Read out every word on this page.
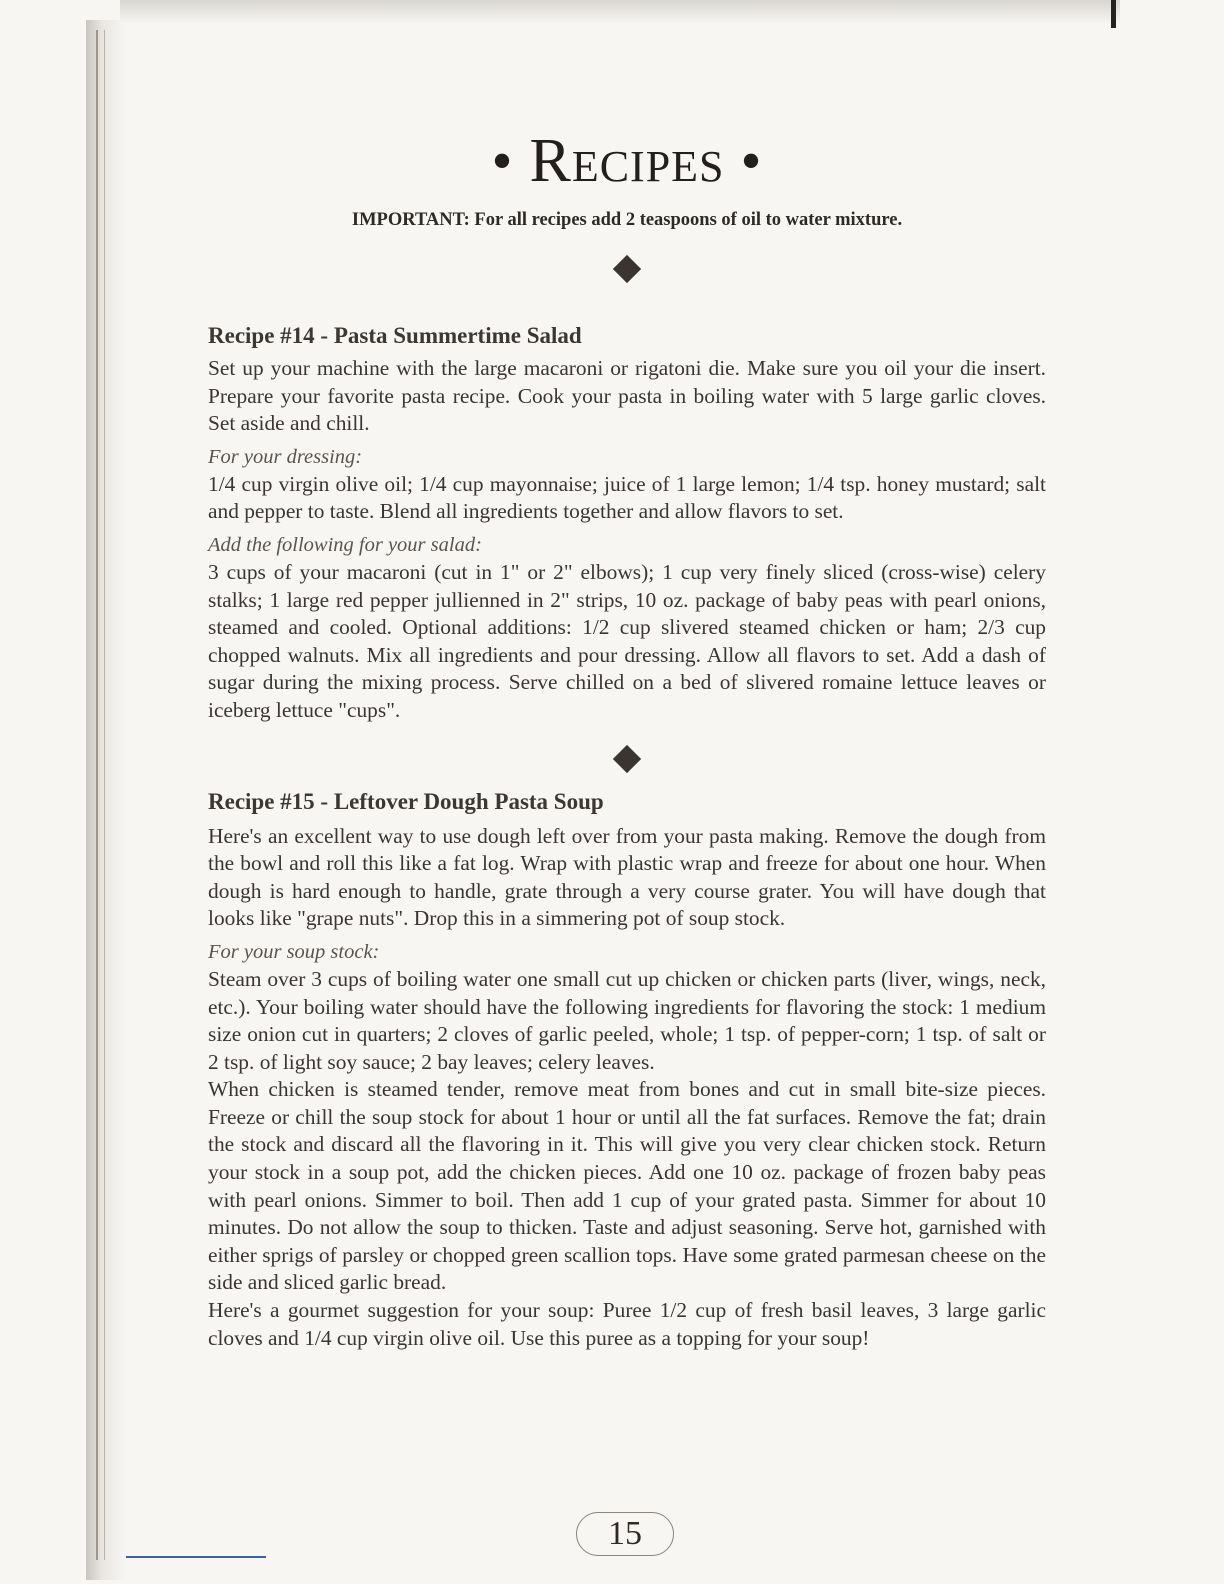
• RECIPES •
IMPORTANT: For all recipes add 2 teaspoons of oil to water mixture.
Recipe #14 - Pasta Summertime Salad

Set up your machine with the large macaroni or rigatoni die. Make sure you oil your die insert. Prepare your favorite pasta recipe. Cook your pasta in boiling water with 5 large garlic cloves. Set aside and chill.

For your dressing:

1/4 cup virgin olive oil; 1/4 cup mayonnaise; juice of 1 large lemon; 1/4 tsp. honey mustard; salt and pepper to taste. Blend all ingredients together and allow flavors to set.

Add the following for your salad:

3 cups of your macaroni (cut in 1" or 2" elbows); 1 cup very finely sliced (cross-wise) celery stalks; 1 large red pepper jullienned in 2" strips, 10 oz. package of baby peas with pearl onions, steamed and cooled. Optional additions: 1/2 cup slivered steamed chicken or ham; 2/3 cup chopped walnuts. Mix all ingredients and pour dressing. Allow all flavors to set. Add a dash of sugar during the mixing process. Serve chilled on a bed of slivered romaine lettuce leaves or iceberg lettuce "cups".

Recipe #15 - Leftover Dough Pasta Soup

Here's an excellent way to use dough left over from your pasta making. Remove the dough from the bowl and roll this like a fat log. Wrap with plastic wrap and freeze for about one hour. When dough is hard enough to handle, grate through a very course grater. You will have dough that looks like "grape nuts". Drop this in a simmering pot of soup stock.

For your soup stock:

Steam over 3 cups of boiling water one small cut up chicken or chicken parts (liver, wings, neck, etc.). Your boiling water should have the following ingredients for flavoring the stock: 1 medium size onion cut in quarters; 2 cloves of garlic peeled, whole; 1 tsp. of pepper-corn; 1 tsp. of salt or 2 tsp. of light soy sauce; 2 bay leaves; celery leaves.

When chicken is steamed tender, remove meat from bones and cut in small bite-size pieces. Freeze or chill the soup stock for about 1 hour or until all the fat surfaces. Remove the fat; drain the stock and discard all the flavoring in it. This will give you very clear chicken stock. Return your stock in a soup pot, add the chicken pieces. Add one 10 oz. package of frozen baby peas with pearl onions. Simmer to boil. Then add 1 cup of your grated pasta. Simmer for about 10 minutes. Do not allow the soup to thicken. Taste and adjust seasoning. Serve hot, garnished with either sprigs of parsley or chopped green scallion tops. Have some grated parmesan cheese on the side and sliced garlic bread.

Here's a gourmet suggestion for your soup: Puree 1/2 cup of fresh basil leaves, 3 large garlic cloves and 1/4 cup virgin olive oil. Use this puree as a topping for your soup!

15
